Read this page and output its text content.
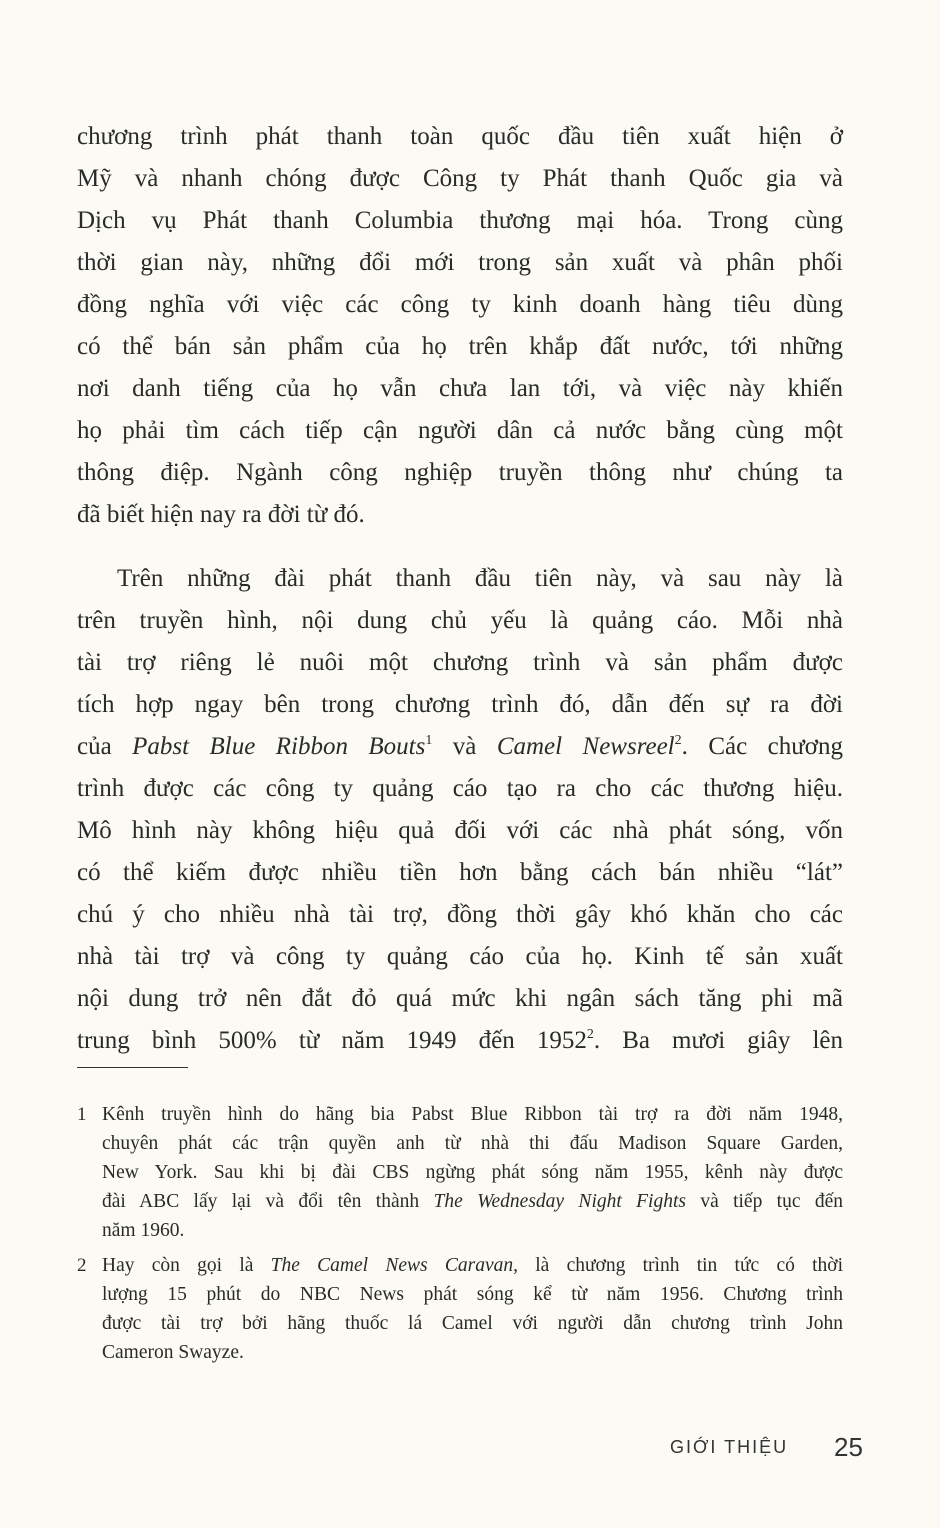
chương trình phát thanh toàn quốc đầu tiên xuất hiện ở
Mỹ và nhanh chóng được Công ty Phát thanh Quốc gia và
Dịch vụ Phát thanh Columbia thương mại hóa. Trong cùng
thời gian này, những đổi mới trong sản xuất và phân phối
đồng nghĩa với việc các công ty kinh doanh hàng tiêu dùng
có thể bán sản phẩm của họ trên khắp đất nước, tới những
nơi danh tiếng của họ vẫn chưa lan tới, và việc này khiến
họ phải tìm cách tiếp cận người dân cả nước bằng cùng một
thông điệp. Ngành công nghiệp truyền thông như chúng ta
đã biết hiện nay ra đời từ đó.
Trên những đài phát thanh đầu tiên này, và sau này là
trên truyền hình, nội dung chủ yếu là quảng cáo. Mỗi nhà
tài trợ riêng lẻ nuôi một chương trình và sản phẩm được
tích hợp ngay bên trong chương trình đó, dẫn đến sự ra đời
của Pabst Blue Ribbon Bouts$^1$ và Camel Newsreel$^2$. Các chương
trình được các công ty quảng cáo tạo ra cho các thương hiệu.
Mô hình này không hiệu quả đối với các nhà phát sóng, vốn
có thể kiếm được nhiều tiền hơn bằng cách bán nhiều “lát”
chú ý cho nhiều nhà tài trợ, đồng thời gây khó khăn cho các
nhà tài trợ và công ty quảng cáo của họ. Kinh tế sản xuất
nội dung trở nên đắt đỏ quá mức khi ngân sách tăng phi mã
trung bình 500% từ năm 1949 đến 1952$^2$. Ba mươi giây lên
1 Kênh truyền hình do hãng bia Pabst Blue Ribbon tài trợ ra đời năm 1948,
chuyên phát các trận quyền anh từ nhà thi đấu Madison Square Garden,
New York. Sau khi bị đài CBS ngừng phát sóng năm 1955, kênh này được
đài ABC lấy lại và đổi tên thành The Wednesday Night Fights và tiếp tục đến
năm 1960.
2 Hay còn gọi là The Camel News Caravan, là chương trình tin tức có thời
lượng 15 phút do NBC News phát sóng kể từ năm 1956. Chương trình
được tài trợ bởi hãng thuốc lá Camel với người dẫn chương trình John
Cameron Swayze.
GIỚI THIỆU 25
